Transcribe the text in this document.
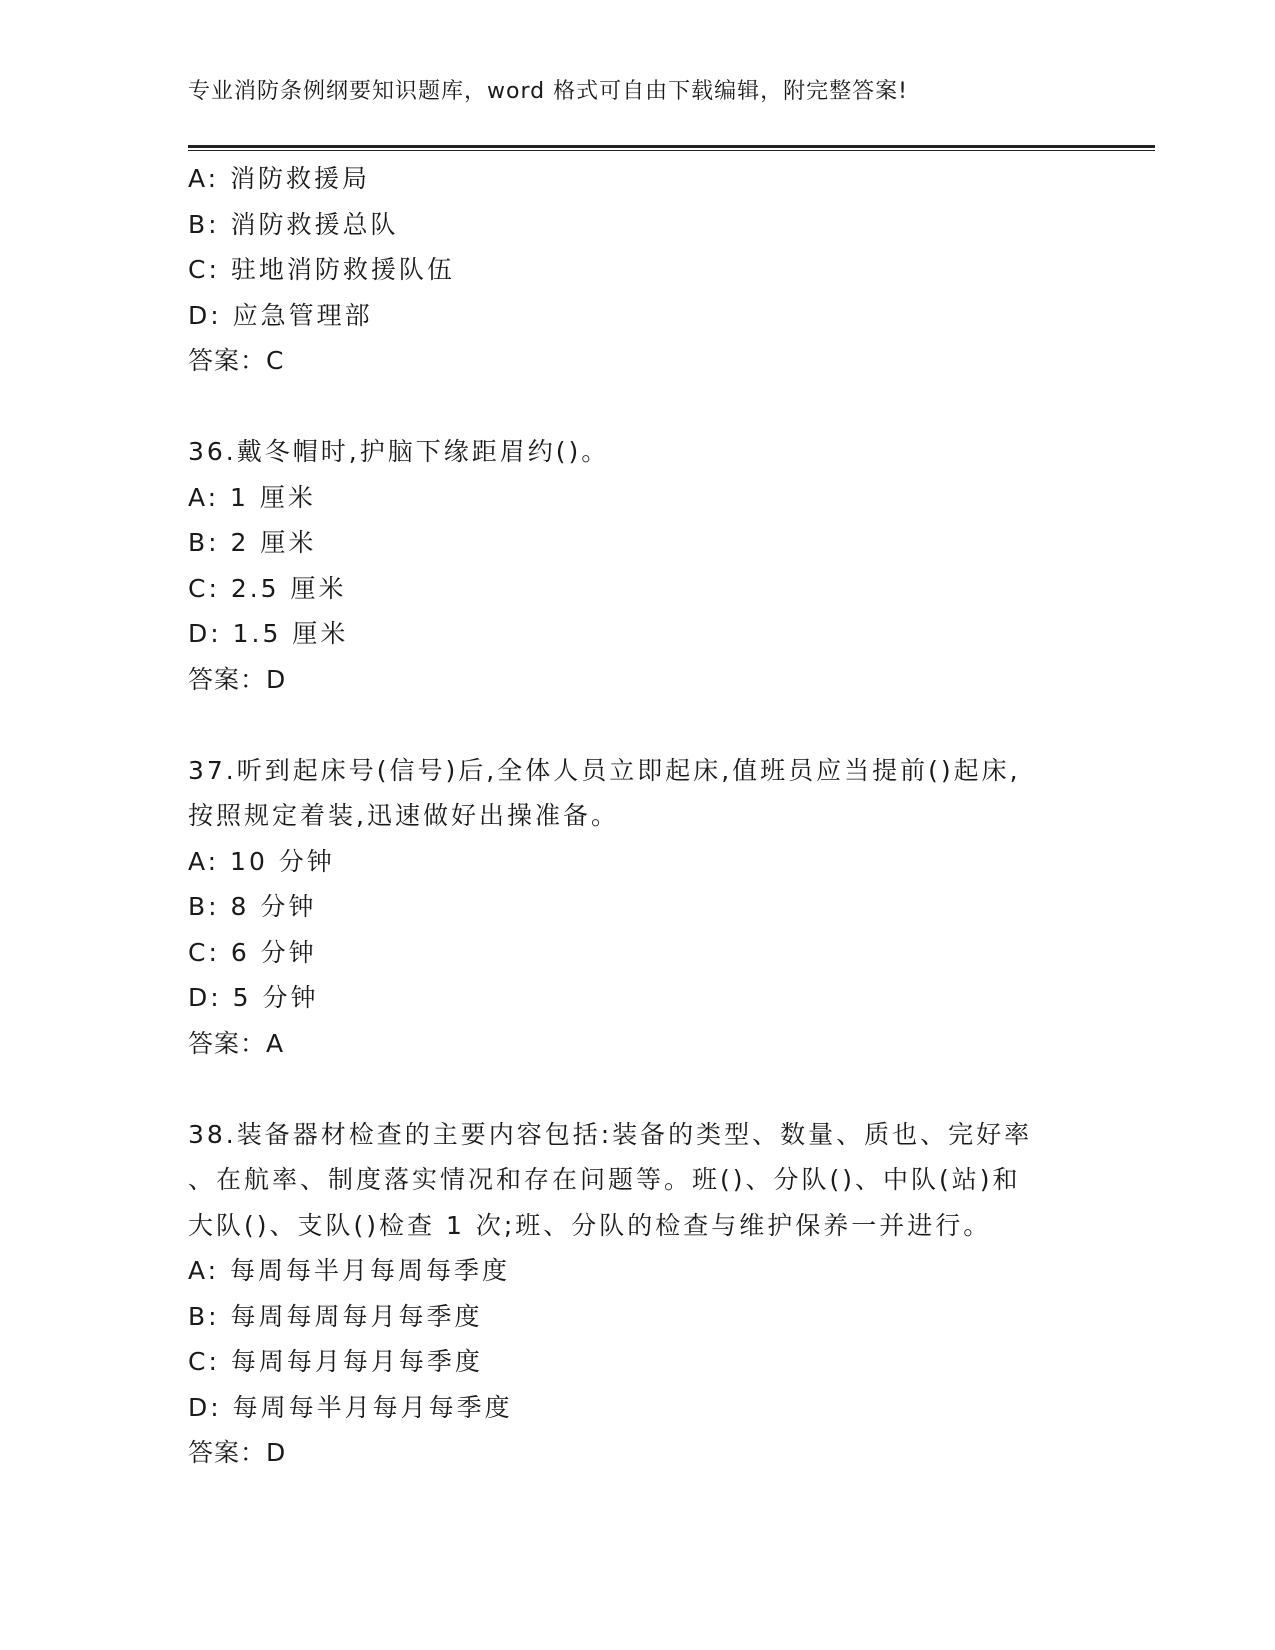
专业消防条例纲要知识题库，word 格式可自由下载编辑，附完整答案!
A: 消防救援局
B: 消防救援总队
C: 驻地消防救援队伍
D: 应急管理部
答案：C
36.戴冬帽时,护脑下缘距眉约()。
A: 1 厘米
B: 2 厘米
C: 2.5 厘米
D: 1.5 厘米
答案：D
37.听到起床号(信号)后,全体人员立即起床,值班员应当提前()起床,
按照规定着装,迅速做好出操准备。
A: 10 分钟
B: 8 分钟
C: 6 分钟
D: 5 分钟
答案：A
38.装备器材检查的主要内容包括:装备的类型、数量、质也、完好率
、在航率、制度落实情况和存在问题等。班()、分队()、中队(站)和
大队()、支队()检查 1 次;班、分队的检查与维护保养一并进行。
A: 每周每半月每周每季度
B: 每周每周每月每季度
C: 每周每月每月每季度
D: 每周每半月每月每季度
答案：D
